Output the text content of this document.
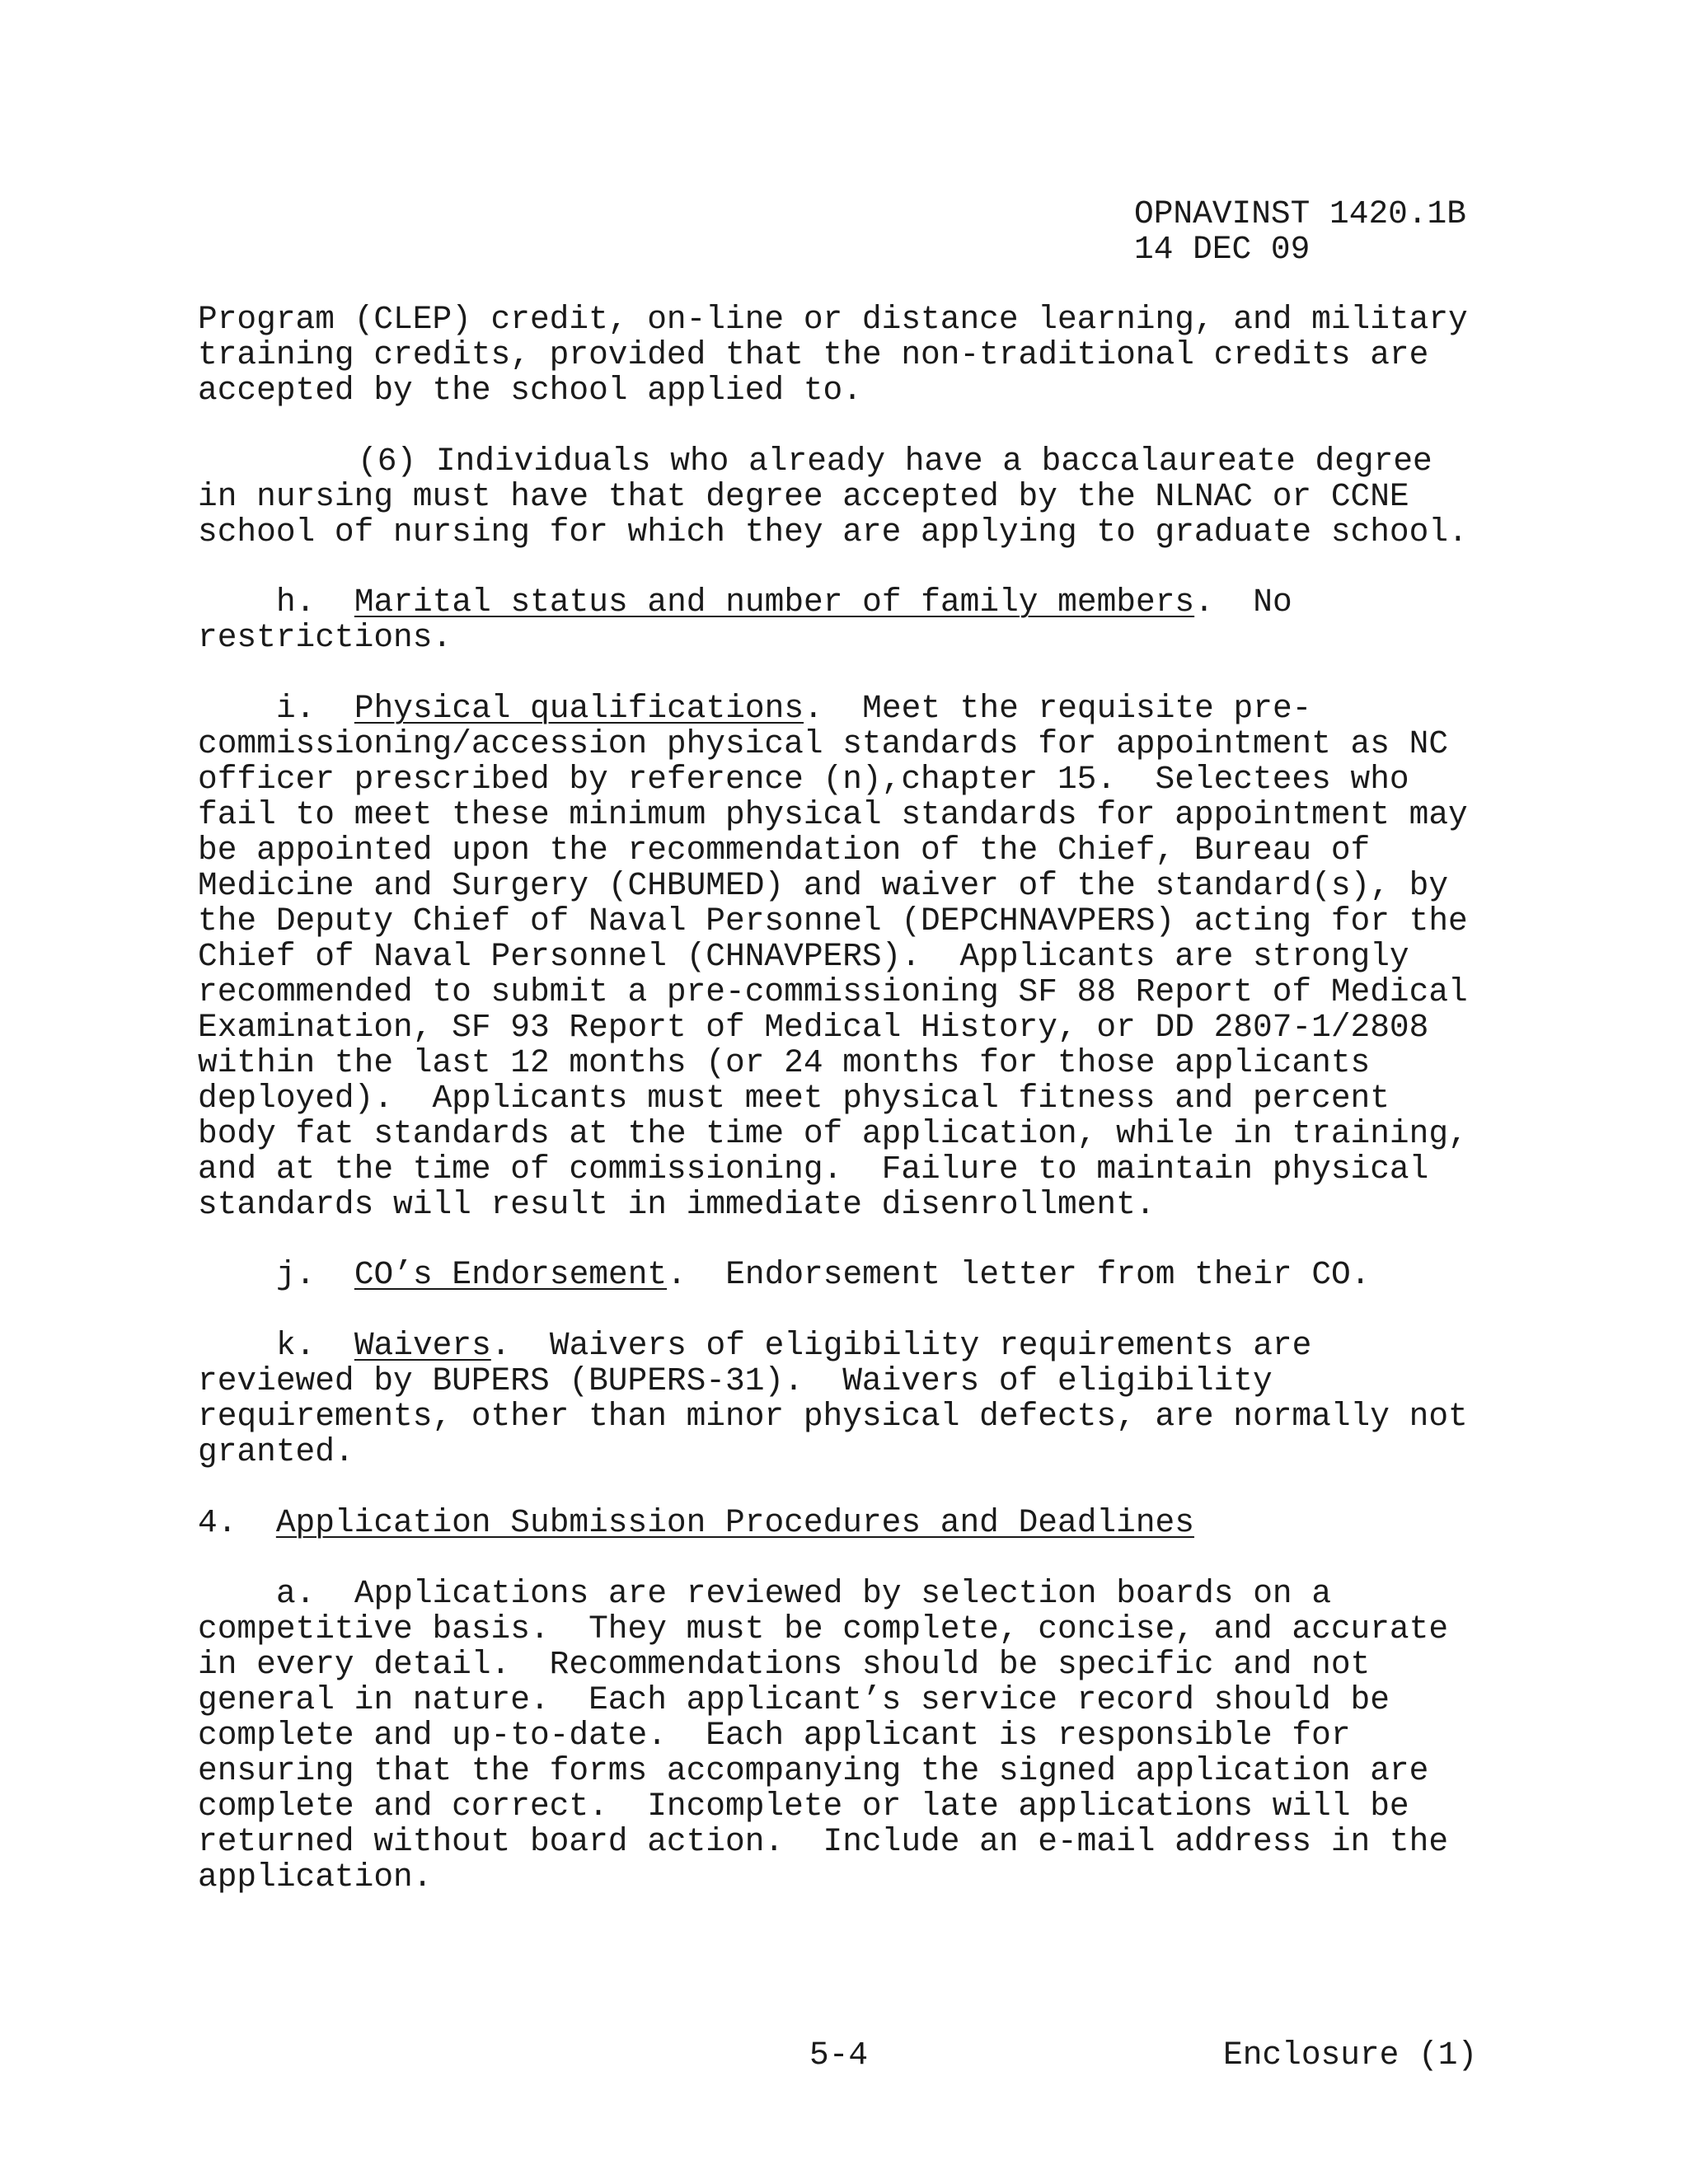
OPNAVINST 1420.1B

14 DEC 09

Program (CLEP) credit, on-line or distance learning, and military

training credits, provided that the non-traditional credits are

accepted by the school applied to.

(6) Individuals who already have a baccalaureate degree

in nursing must have that degree accepted by the NLNAC or CCNE

school of nursing for which they are applying to graduate school.

h. Marital status and number of family members.  No

restrictions.

i. Physical qualifications.  Meet the requisite pre-

commissioning/accession physical standards for appointment as NC

officer prescribed by reference (n),chapter 15.  Selectees who

fail to meet these minimum physical standards for appointment may

be appointed upon the recommendation of the Chief, Bureau of

Medicine and Surgery (CHBUMED) and waiver of the standard(s), by

the Deputy Chief of Naval Personnel (DEPCHNAVPERS) acting for the

Chief of Naval Personnel (CHNAVPERS).  Applicants are strongly

recommended to submit a pre-commissioning SF 88 Report of Medical

Examination, SF 93 Report of Medical History, or DD 2807-1/2808

within the last 12 months (or 24 months for those applicants

deployed).  Applicants must meet physical fitness and percent

body fat standards at the time of application, while in training,

and at the time of commissioning.  Failure to maintain physical

standards will result in immediate disenrollment.

j. CO’s Endorsement.  Endorsement letter from their CO.

k. Waivers.  Waivers of eligibility requirements are

reviewed by BUPERS (BUPERS-31).  Waivers of eligibility

requirements, other than minor physical defects, are normally not

granted.

4. Application Submission Procedures and Deadlines

a.  Applications are reviewed by selection boards on a

competitive basis.  They must be complete, concise, and accurate

in every detail.  Recommendations should be specific and not

general in nature.  Each applicant’s service record should be

complete and up-to-date.  Each applicant is responsible for

ensuring that the forms accompanying the signed application are

complete and correct.  Incomplete or late applications will be

returned without board action.  Include an e-mail address in the

application.

5-4	Enclosure (1)
